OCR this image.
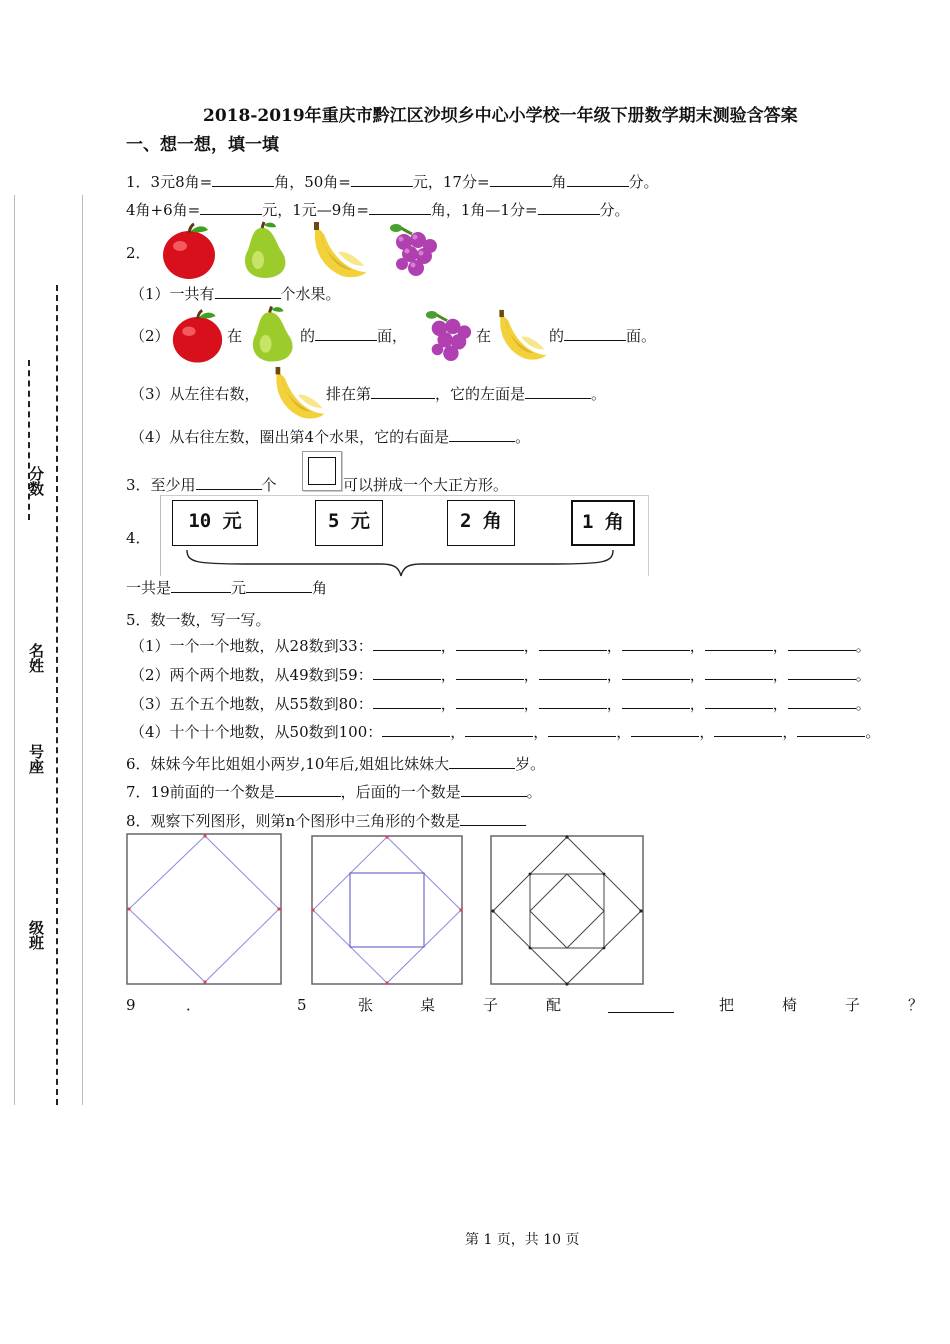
分数
名姓
号座
级班
2018-2019年重庆市黔江区沙坝乡中心小学校一年级下册数学期末测验含答案
一、想一想，填一填
1．3元8角=	角，50角=	元，17分=	角	分。
4角+6角=	元，1元—9角=	角，1角—1分=	分。
2．
（1）一共有	个水果。
（2）	在	的	面，	在	的	面。
（3）从左往右数，	排在第	，它的左面是	。
（4）从右往左数，圈出第4个水果，它的右面是	。
3．至少用	个	可以拼成一个大正方形。
4．
10 元	5 元	2 角	1 角
一共是	元	角
5．数一数，写一写。
（1）一个一个地数，从28数到33：	，	，	，	，	，	。
（2）两个两个地数，从49数到59：	，	，	，	，	，	。
（3）五个五个地数，从55数到80：	，	，	，	，	，	。
（4）十个十个地数，从50数到100：	，	，	，	，	，	。
6．妹妹今年比姐姐小两岁,10年后,姐姐比妹妹大	岁。
7．19前面的一个数是	，后面的一个数是	。
8．观察下列图形，则第n个图形中三角形的个数是
9	．	5	张	桌	子	配	把	椅	子	？
第 1 页，共 10 页
